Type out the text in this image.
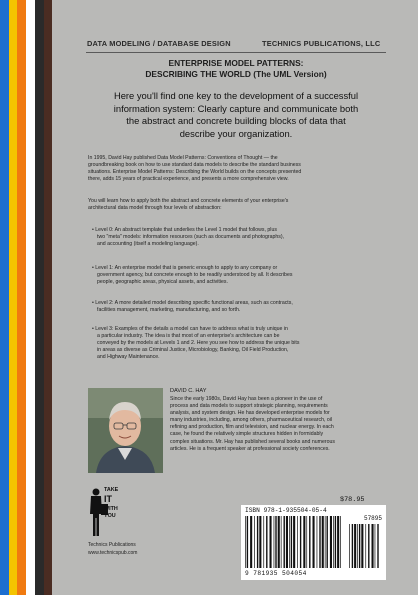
DATA MODELING / DATABASE DESIGN	TECHNICS PUBLICATIONS, LLC
ENTERPRISE MODEL PATTERNS:
DESCRIBING THE WORLD (The UML Version)
Here you'll find one key to the development of a successful
information system: Clearly capture and communicate both
the abstract and concrete building blocks of data that
describe your organization.
In 1995, David Hay published Data Model Patterns: Conventions of Thought — the
groundbreaking book on how to use standard data models to describe the standard business
situations. Enterprise Model Patterns: Describing the World builds on the concepts presented
there, adds 15 years of practical experience, and presents a more comprehensive view.
You will learn how to apply both the abstract and concrete elements of your enterprise's
architectural data model through four levels of abstraction:
• Level 0: An abstract template that underlies the Level 1 model that follows, plus
two "meta" models: information resources (such as documents and photographs),
and accounting (itself a modeling language).
• Level 1: An enterprise model that is generic enough to apply to any company or
government agency, but concrete enough to be readily understood by all. It describes
people, geographic areas, physical assets, and activities.
• Level 2: A more detailed model describing specific functional areas, such as contracts,
facilities management, marketing, manufacturing, and so forth.
• Level 3: Examples of the details a model can have to address what is truly unique in
a particular industry. The idea is that most of an enterprise's architecture can be
conveyed by the models at Levels 1 and 2. Here you see how to address the unique bits
in areas as diverse as Criminal Justice, Microbiology, Banking, Oil Field Production,
and Highway Maintenance.
DAVID C. HAY
Since the early 1980s, David Hay has been a pioneer in the use of
process and data models to support strategic planning, requirements
analysis, and system design. He has developed enterprise models for
many industries, including, among others, pharmaceutical research, oil
refining and production, film and television, and nuclear energy. In each
case, he found the relatively simple structures hidden in formidably
complex situations. Mr. Hay has published several books and numerous
articles. He is a frequent speaker at professional society conferences.
TAKE
IT
WITH
YOU
Technics Publications
www.technicspub.com
$78.95
ISBN 978-1-935504-05-4
57895
9 781935 504054
